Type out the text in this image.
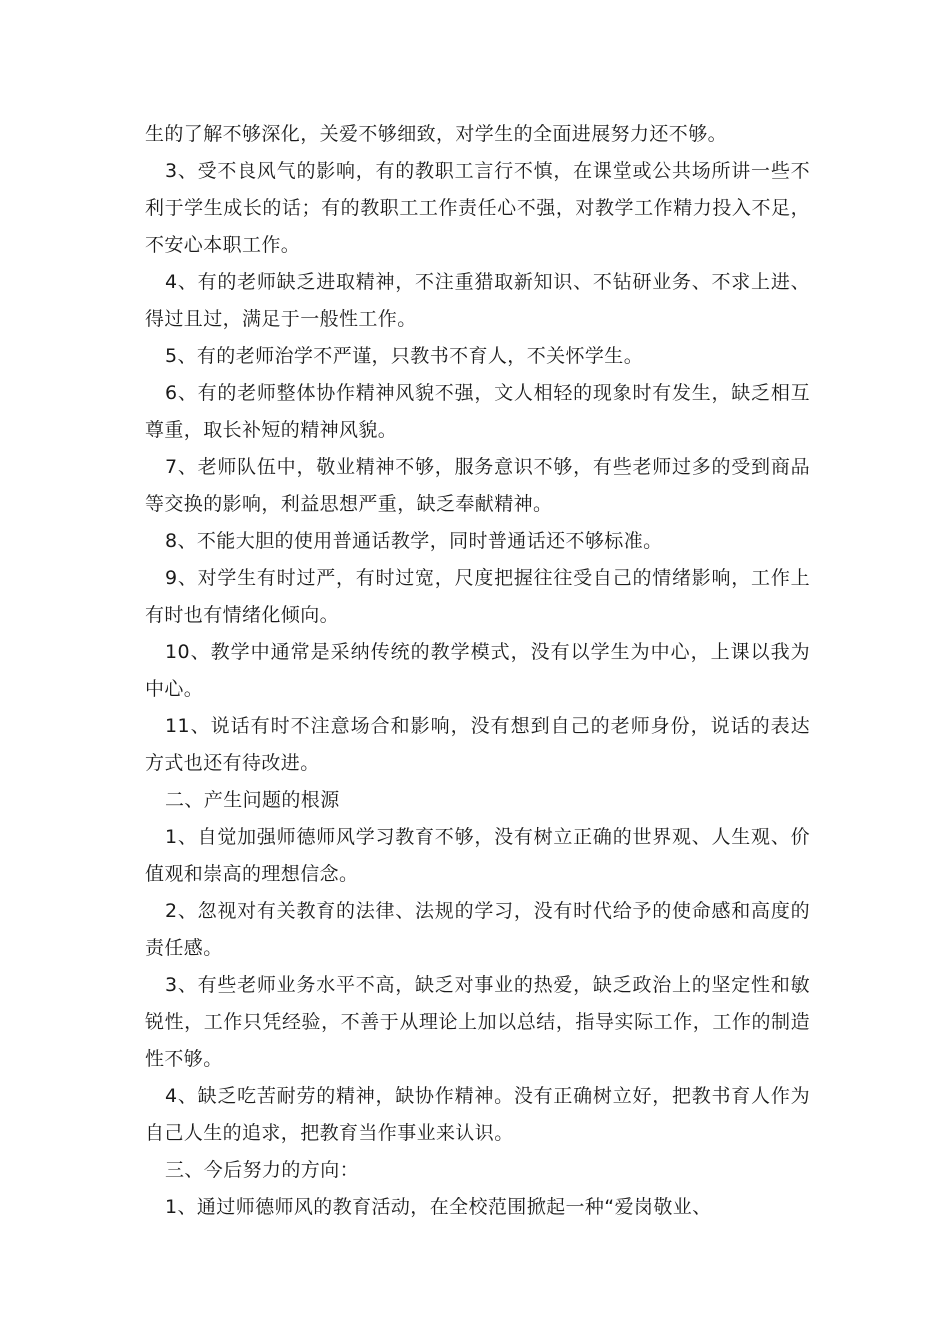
生的了解不够深化，关爱不够细致，对学生的全面进展努力还不够。

3、受不良风气的影响，有的教职工言行不慎，在课堂或公共场所讲一些不利于学生成长的话；有的教职工工作责任心不强，对教学工作精力投入不足，不安心本职工作。

4、有的老师缺乏进取精神，不注重猎取新知识、不钻研业务、不求上进、得过且过，满足于一般性工作。

5、有的老师治学不严谨，只教书不育人，不关怀学生。

6、有的老师整体协作精神风貌不强，文人相轻的现象时有发生，缺乏相互尊重，取长补短的精神风貌。

7、老师队伍中，敬业精神不够，服务意识不够，有些老师过多的受到商品等交换的影响，利益思想严重，缺乏奉献精神。

8、不能大胆的使用普通话教学，同时普通话还不够标准。

9、对学生有时过严，有时过宽，尺度把握往往受自己的情绪影响，工作上有时也有情绪化倾向。

10、教学中通常是采纳传统的教学模式，没有以学生为中心，上课以我为中心。

11、说话有时不注意场合和影响，没有想到自己的老师身份，说话的表达方式也还有待改进。

二、产生问题的根源

1、自觉加强师德师风学习教育不够，没有树立正确的世界观、人生观、价值观和崇高的理想信念。

2、忽视对有关教育的法律、法规的学习，没有时代给予的使命感和高度的责任感。

3、有些老师业务水平不高，缺乏对事业的热爱，缺乏政治上的坚定性和敏锐性，工作只凭经验，不善于从理论上加以总结，指导实际工作，工作的制造性不够。

4、缺乏吃苦耐劳的精神，缺协作精神。没有正确树立好，把教书育人作为自己人生的追求，把教育当作事业来认识。

三、今后努力的方向：

1、通过师德师风的教育活动，在全校范围掀起一种“爱岗敬业、
